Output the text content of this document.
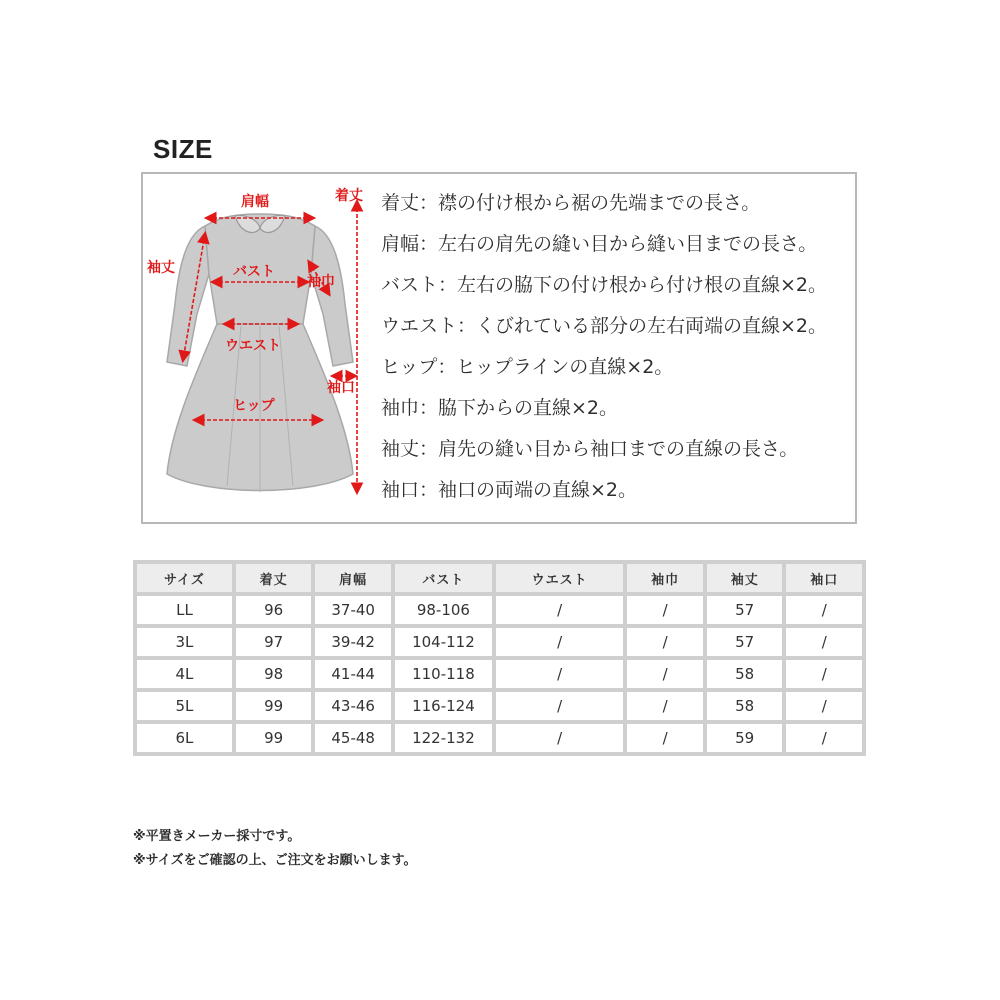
SIZE
肩幅	着丈
袖丈	バスト
袖巾
ウエスト
袖口
ヒップ
着丈：襟の付け根から裾の先端までの長さ。
肩幅：左右の肩先の縫い目から縫い目までの長さ。
バスト：左右の脇下の付け根から付け根の直線×2。
ウエスト：くびれている部分の左右両端の直線×2。
ヒップ：ヒップラインの直線×2。
袖巾：脇下からの直線×2。
袖丈：肩先の縫い目から袖口までの直線の長さ。
袖口：袖口の両端の直線×2。
サイズ	着丈	肩幅	バスト	ウエスト	袖巾	袖丈	袖口
LL	96	37-40	98-106	/	/	57	/
3L	97	39-42	104-112	/	/	57	/
4L	98	41-44	110-118	/	/	58	/
5L	99	43-46	116-124	/	/	58	/
6L	99	45-48	122-132	/	/	59	/
※平置きメーカー採寸です。
※サイズをご確認の上、ご注文をお願いします。
